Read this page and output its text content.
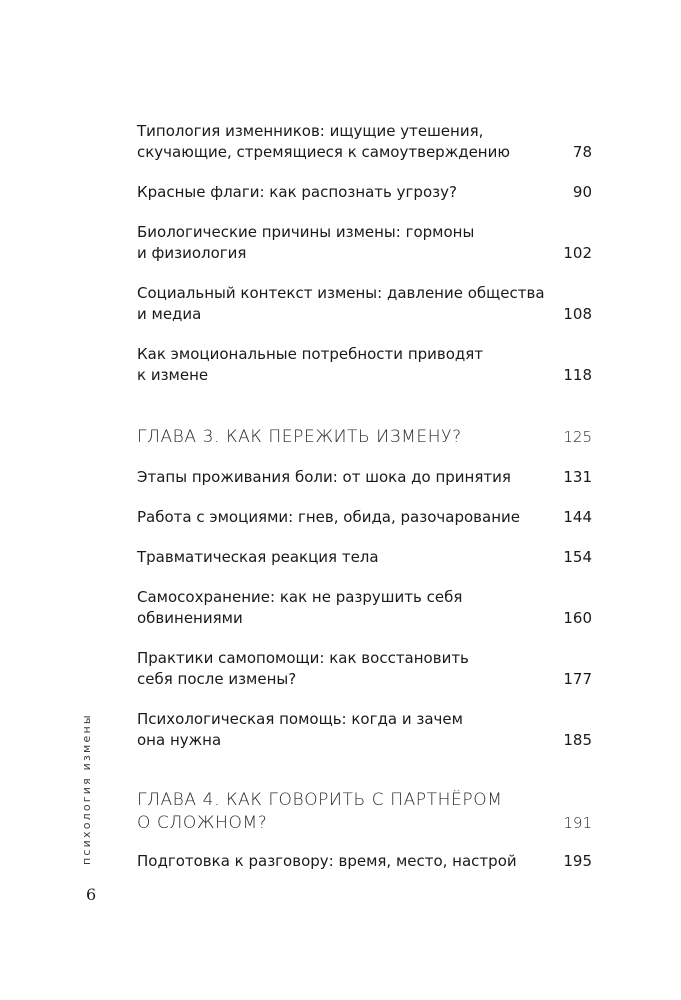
Типология изменников: ищущие утешения,
скучающие, стремящиеся к самоутверждению	78
Красные флаги: как распознать угрозу?	90
Биологические причины измены: гормоны
и физиология	102
Социальный контекст измены: давление общества
и медиа	108
Как эмоциональные потребности приводят
к измене	118
ГЛАВА 3. КАК ПЕРЕЖИТЬ ИЗМЕНУ?	125
Этапы проживания боли: от шока до принятия	131
Работа с эмоциями: гнев, обида, разочарование	144
Травматическая реакция тела	154
Самосохранение: как не разрушить себя
обвинениями	160
Практики самопомощи: как восстановить
себя после измены?	177
Психологическая помощь: когда и зачем
она нужна	185
ГЛАВА 4. КАК ГОВОРИТЬ С ПАРТНЁРОМ
О СЛОЖНОМ?	191
Подготовка к разговору: время, место, настрой	195
психология измены
6
